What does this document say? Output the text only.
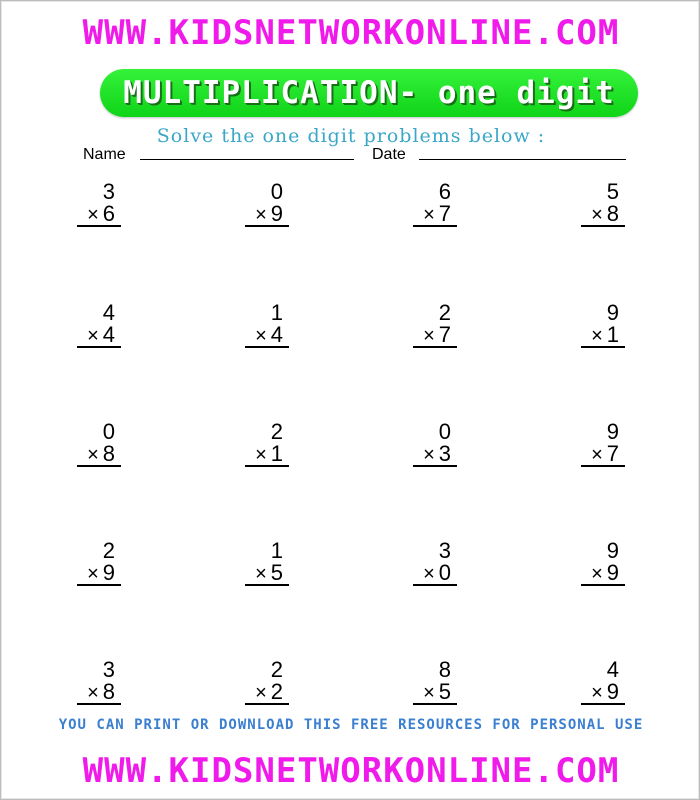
WWW.KIDSNETWORKONLINE.COM
MULTIPLICATION- one digit
Solve the one digit problems below :
Name	Date
3
× 6
0
× 9
6
× 7
5
× 8
4
× 4
1
× 4
2
× 7
9
× 1
0
× 8
2
× 1
0
× 3
9
× 7
2
× 9
1
× 5
3
× 0
9
× 9
3
× 8
2
× 2
8
× 5
4
× 9
YOU CAN PRINT OR DOWNLOAD THIS FREE RESOURCES FOR PERSONAL USE
WWW.KIDSNETWORKONLINE.COM
